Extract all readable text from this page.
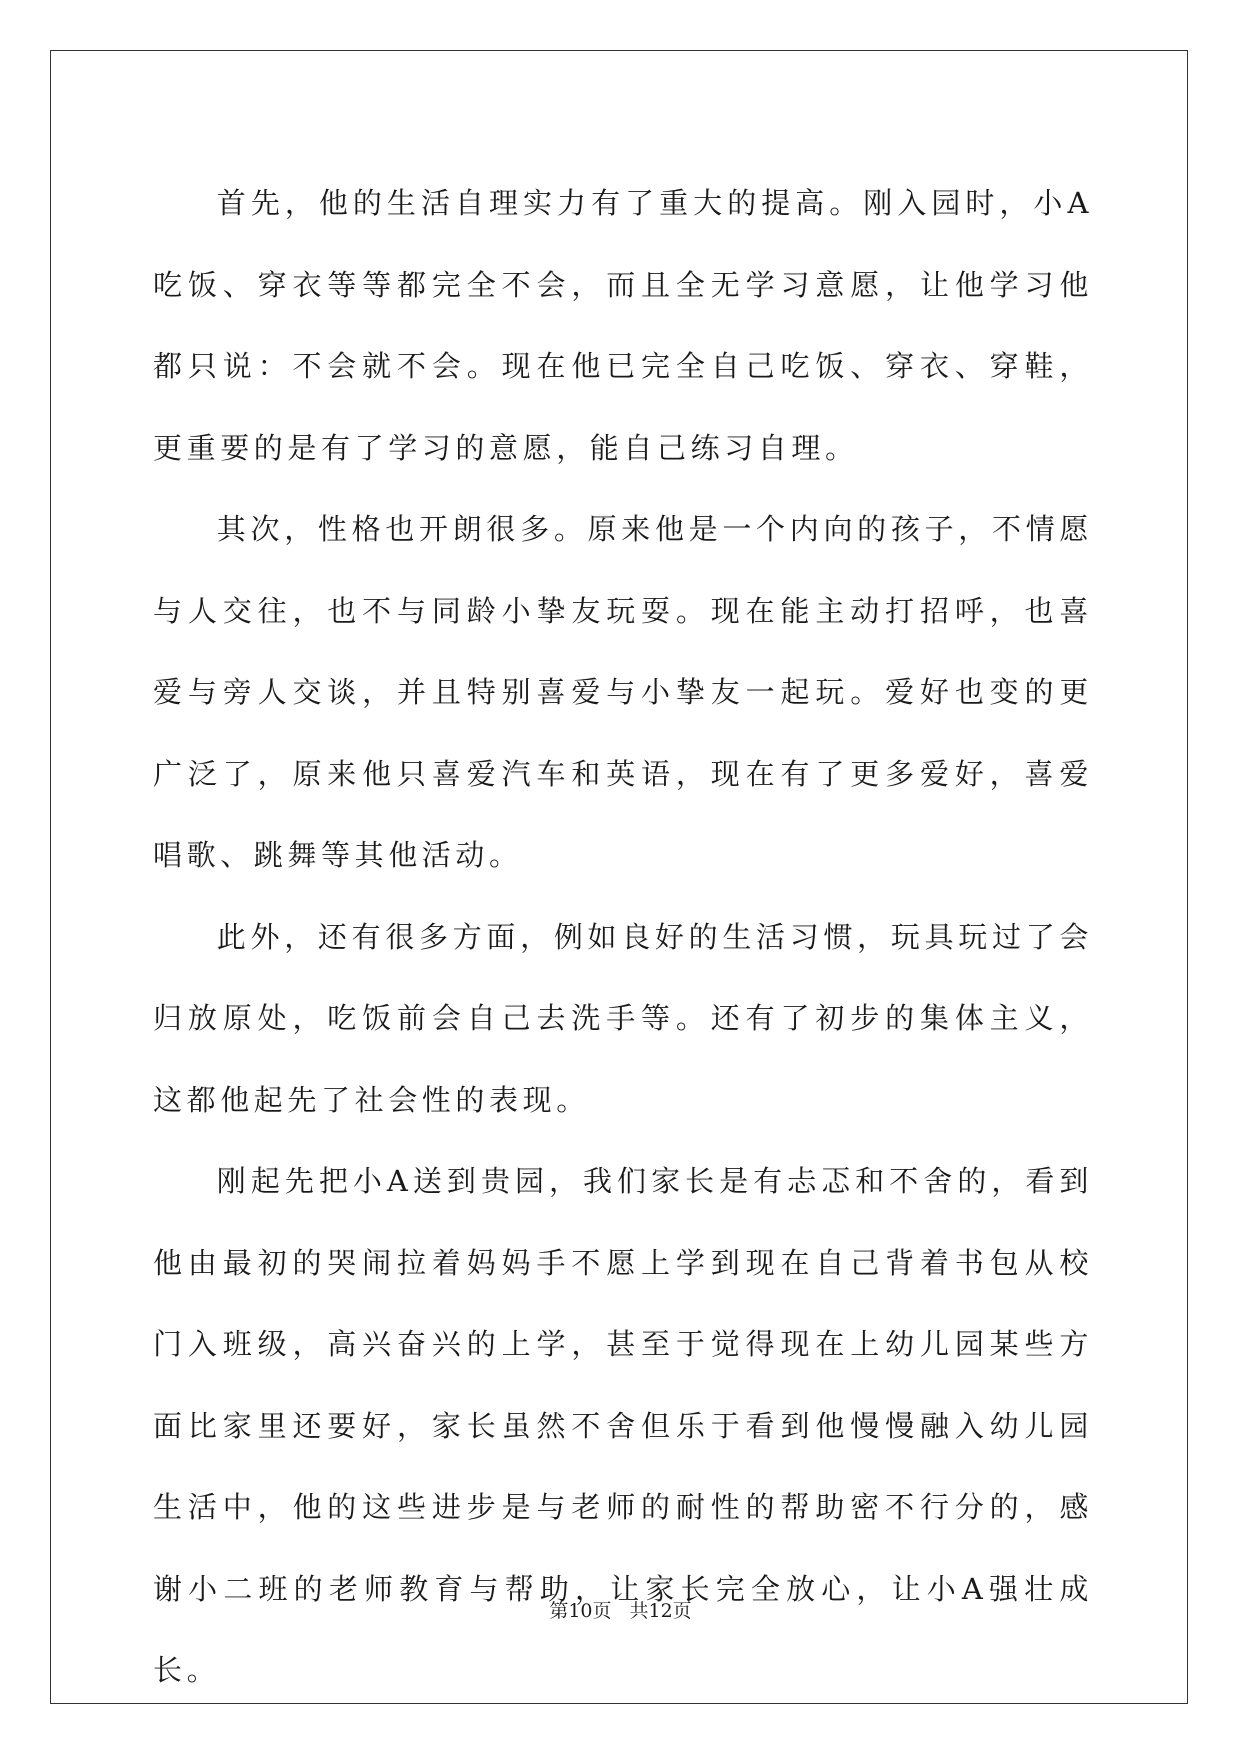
首先，他的生活自理实力有了重大的提高。刚入园时，小A吃饭、穿衣等等都完全不会，而且全无学习意愿，让他学习他都只说：不会就不会。现在他已完全自己吃饭、穿衣、穿鞋，更重要的是有了学习的意愿，能自己练习自理。

其次，性格也开朗很多。原来他是一个内向的孩子，不情愿与人交往，也不与同龄小挚友玩耍。现在能主动打招呼，也喜爱与旁人交谈，并且特别喜爱与小挚友一起玩。爱好也变的更广泛了，原来他只喜爱汽车和英语，现在有了更多爱好，喜爱唱歌、跳舞等其他活动。

此外，还有很多方面，例如良好的生活习惯，玩具玩过了会归放原处，吃饭前会自己去洗手等。还有了初步的集体主义，这都他起先了社会性的表现。

刚起先把小A送到贵园，我们家长是有忐忑和不舍的，看到他由最初的哭闹拉着妈妈手不愿上学到现在自己背着书包从校门入班级，高兴奋兴的上学，甚至于觉得现在上幼儿园某些方面比家里还要好，家长虽然不舍但乐于看到他慢慢融入幼儿园生活中，他的这些进步是与老师的耐性的帮助密不行分的，感谢小二班的老师教育与帮助，让家长完全放心，让小A强壮成长。

第10页 共12页
